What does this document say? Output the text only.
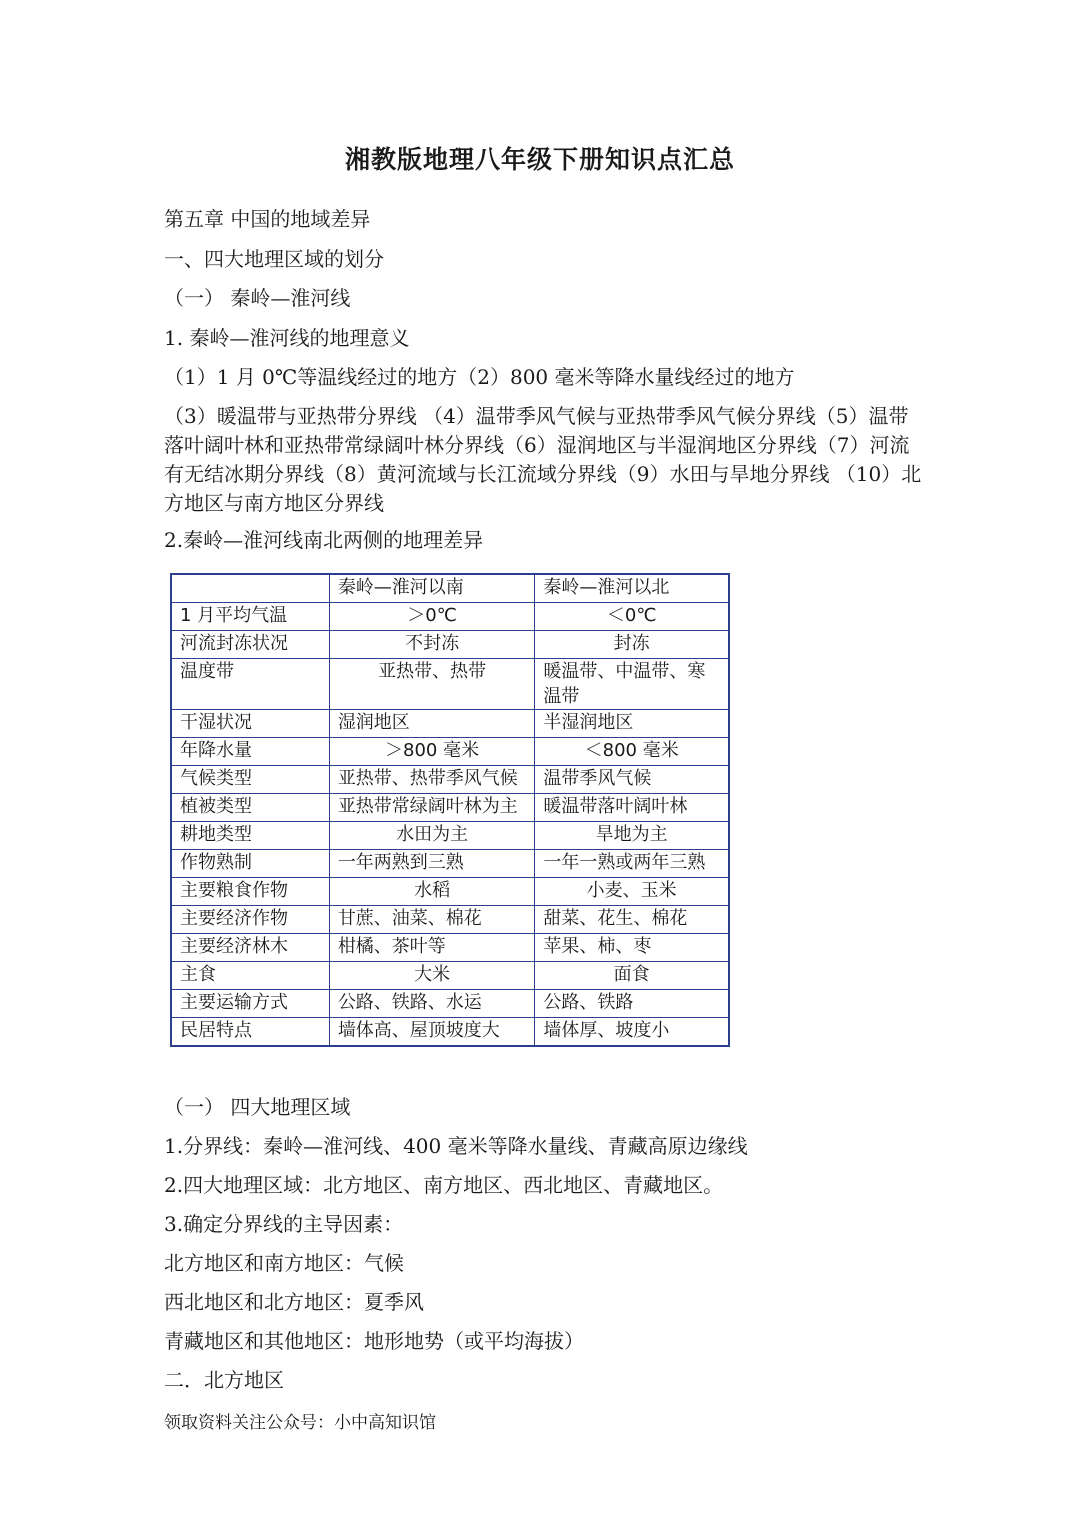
湘教版地理八年级下册知识点汇总
第五章 中国的地域差异
一、四大地理区域的划分
（一） 秦岭—淮河线
1. 秦岭—淮河线的地理意义
（1）1 月 0℃等温线经过的地方（2）800 毫米等降水量线经过的地方
（3）暖温带与亚热带分界线 （4）温带季风气候与亚热带季风气候分界线（5）温带落叶阔叶林和亚热带常绿阔叶林分界线（6）湿润地区与半湿润地区分界线（7）河流有无结冰期分界线（8）黄河流域与长江流域分界线（9）水田与旱地分界线 （10）北方地区与南方地区分界线
2.秦岭—淮河线南北两侧的地理差异
	秦岭—淮河以南	秦岭—淮河以北
1 月平均气温	＞0℃	＜0℃
河流封冻状况	不封冻	封冻
温度带	亚热带、热带	暖温带、中温带、寒温带
干湿状况	湿润地区	半湿润地区
年降水量	＞800 毫米	＜800 毫米
气候类型	亚热带、热带季风气候	温带季风气候
植被类型	亚热带常绿阔叶林为主	暖温带落叶阔叶林
耕地类型	水田为主	旱地为主
作物熟制	一年两熟到三熟	一年一熟或两年三熟
主要粮食作物	水稻	小麦、玉米
主要经济作物	甘蔗、油菜、棉花	甜菜、花生、棉花
主要经济林木	柑橘、茶叶等	苹果、柿、枣
主食	大米	面食
主要运输方式	公路、铁路、水运	公路、铁路
民居特点	墙体高、屋顶坡度大	墙体厚、坡度小
（一） 四大地理区域
1.分界线：秦岭—淮河线、400 毫米等降水量线、青藏高原边缘线
2.四大地理区域：北方地区、南方地区、西北地区、青藏地区。
3.确定分界线的主导因素：
北方地区和南方地区：气候
西北地区和北方地区：夏季风
青藏地区和其他地区：地形地势（或平均海拔）
二．北方地区
领取资料关注公众号：小中高知识馆
